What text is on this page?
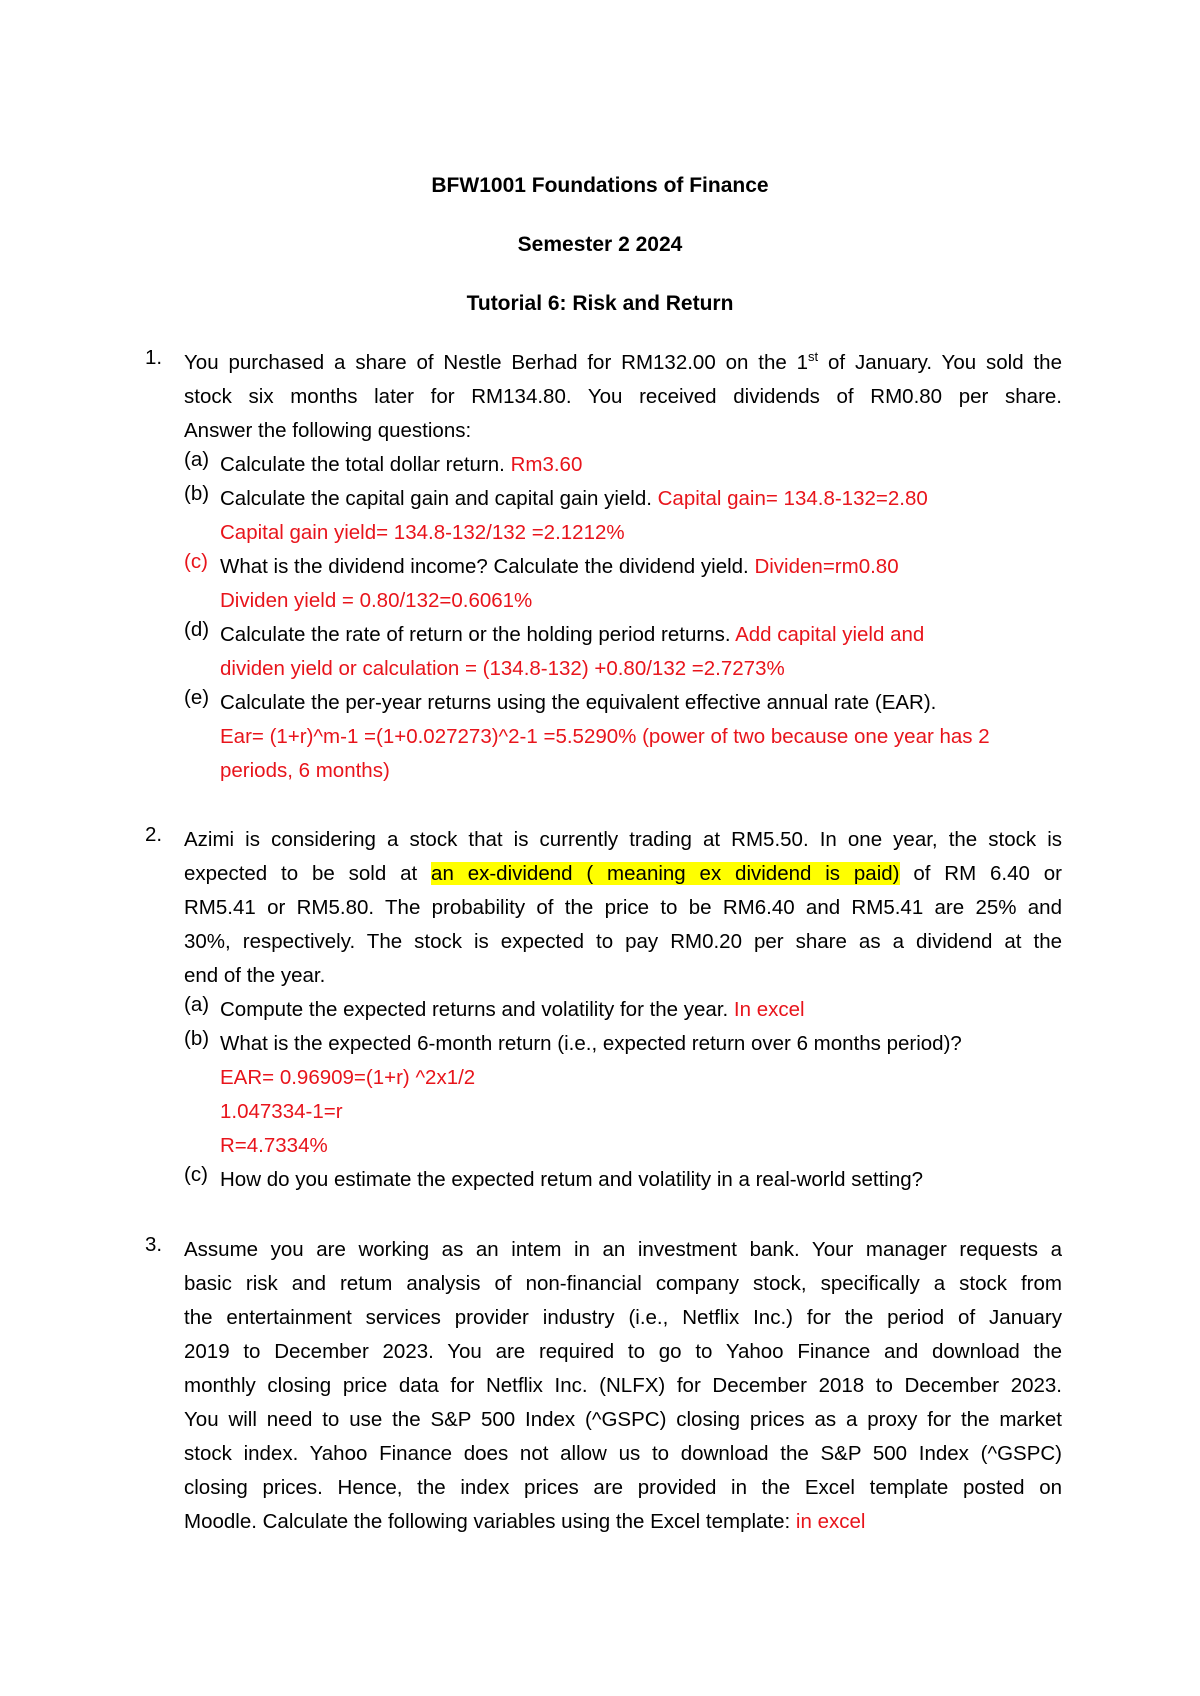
BFW1001 Foundations of Finance
Semester 2 2024
Tutorial 6: Risk and Return
1. You purchased a share of Nestle Berhad for RM132.00 on the 1st of January. You sold the
stock six months later for RM134.80. You received dividends of RM0.80 per share.
Answer the following questions:
(a) Calculate the total dollar return. Rm3.60
(b) Calculate the capital gain and capital gain yield. Capital gain= 134.8-132=2.80
Capital gain yield= 134.8-132/132 =2.1212%
(c) What is the dividend income? Calculate the dividend yield. Dividen=rm0.80
Dividen yield = 0.80/132=0.6061%
(d) Calculate the rate of return or the holding period returns. Add capital yield and
dividen yield or calculation = (134.8-132) +0.80/132 =2.7273%
(e) Calculate the per-year returns using the equivalent effective annual rate (EAR).
Ear= (1+r)^m-1 =(1+0.027273)^2-1 =5.5290% (power of two because one year has 2
periods, 6 months)
2. Azimi is considering a stock that is currently trading at RM5.50. In one year, the stock is
expected to be sold at an ex-dividend ( meaning ex dividend is paid) of RM 6.40 or
RM5.41 or RM5.80. The probability of the price to be RM6.40 and RM5.41 are 25% and
30%, respectively. The stock is expected to pay RM0.20 per share as a dividend at the
end of the year.
(a) Compute the expected returns and volatility for the year. In excel
(b) What is the expected 6-month return (i.e., expected return over 6 months period)?
EAR= 0.96909=(1+r) ^2x1/2
1.047334-1=r
R=4.7334%
(c) How do you estimate the expected retum and volatility in a real-world setting?
3. Assume you are working as an intem in an investment bank. Your manager requests a
basic risk and retum analysis of non-financial company stock, specifically a stock from
the entertainment services provider industry (i.e., Netflix Inc.) for the period of January
2019 to December 2023. You are required to go to Yahoo Finance and download the
monthly closing price data for Netflix Inc. (NLFX) for December 2018 to December 2023.
You will need to use the S&P 500 Index (^GSPC) closing prices as a proxy for the market
stock index. Yahoo Finance does not allow us to download the S&P 500 Index (^GSPC)
closing prices. Hence, the index prices are provided in the Excel template posted on
Moodle. Calculate the following variables using the Excel template: in excel
